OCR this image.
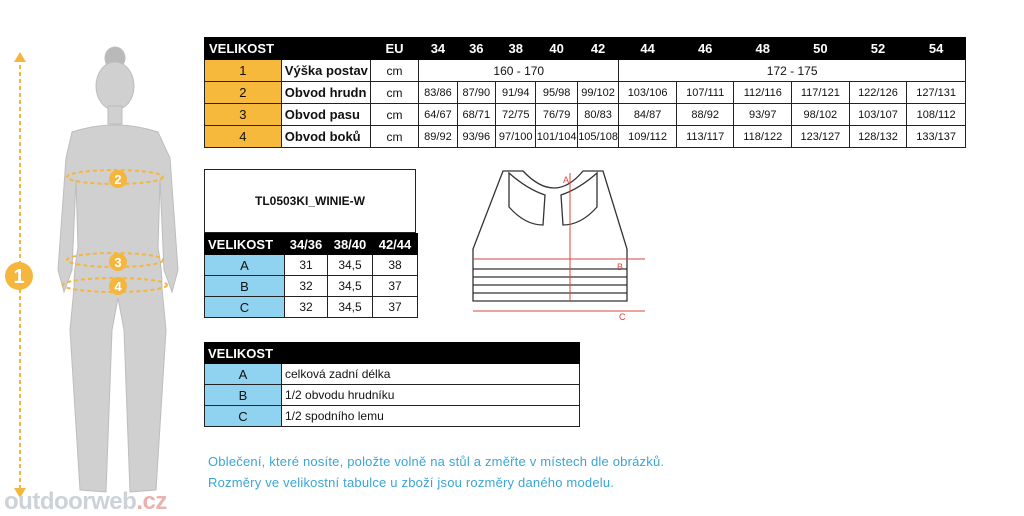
1
2
3
4
VELIKOST		EU	34	36	38	40	42	44	46	48	50	52	54
1	Výška postav	cm	160 - 170					172 - 175					
2	Obvod hrudn	cm	83/86	87/90	91/94	95/98	99/102	103/106	107/111	112/116	117/121	122/126	127/131
3	Obvod pasu	cm	64/67	68/71	72/75	76/79	80/83	84/87	88/92	93/97	98/102	103/107	108/112
4	Obvod boků	cm	89/92	93/96	97/100	101/104	105/108	109/112	113/117	118/122	123/127	128/132	133/137
TL0503KI_WINIE-W
VELIKOST	34/36	38/40	42/44
A	31	34,5	38
B	32	34,5	37
C	32	34,5	37
A
B
C
VELIKOST	
A	celková zadní délka
B	1/2 obvodu hrudníku
C	1/2 spodního lemu
Oblečení, které nosíte, položte volně na stůl a změřte v místech dle obrázků.
Rozměry ve velikostní tabulce u zboží jsou rozměry daného modelu.
outdoorweb.cz
